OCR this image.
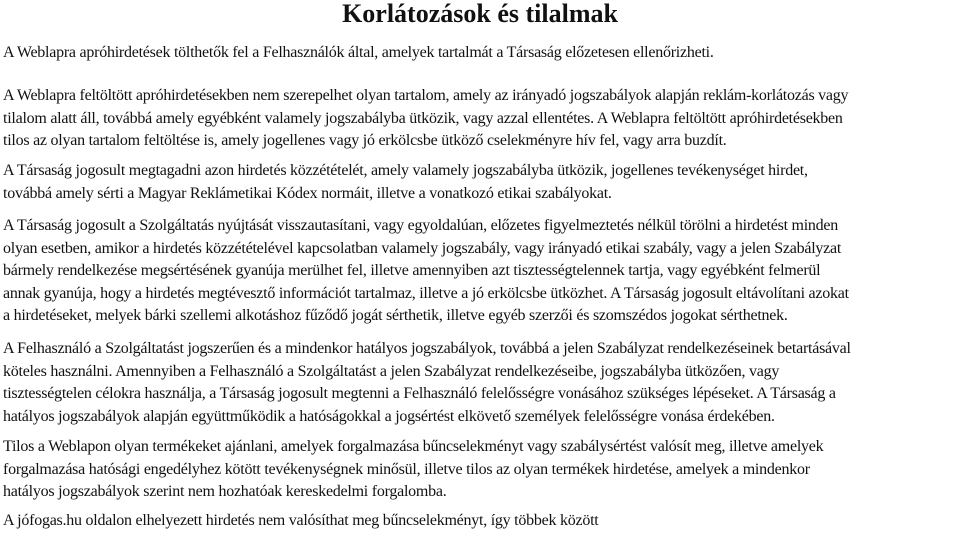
Korlátozások és tilalmak

A Weblapra apróhirdetések tölthetők fel a Felhasználók által, amelyek tartalmát a Társaság előzetesen ellenőrizheti.

A Weblapra feltöltött apróhirdetésekben nem szerepelhet olyan tartalom, amely az irányadó jogszabályok alapján reklám-korlátozás vagy
tilalom alatt áll, továbbá amely egyébként valamely jogszabályba ütközik, vagy azzal ellentétes. A Weblapra feltöltött apróhirdetésekben
tilos az olyan tartalom feltöltése is, amely jogellenes vagy jó erkölcsbe ütköző cselekményre hív fel, vagy arra buzdít.

A Társaság jogosult megtagadni azon hirdetés közzétételét, amely valamely jogszabályba ütközik, jogellenes tevékenységet hirdet,
továbbá amely sérti a Magyar Reklámetikai Kódex normáit, illetve a vonatkozó etikai szabályokat.

A Társaság jogosult a Szolgáltatás nyújtását visszautasítani, vagy egyoldalúan, előzetes figyelmeztetés nélkül törölni a hirdetést minden
olyan esetben, amikor a hirdetés közzétételével kapcsolatban valamely jogszabály, vagy irányadó etikai szabály, vagy a jelen Szabályzat
bármely rendelkezése megsértésének gyanúja merülhet fel, illetve amennyiben azt tisztességtelennek tartja, vagy egyébként felmerül
annak gyanúja, hogy a hirdetés megtévesztő információt tartalmaz, illetve a jó erkölcsbe ütközhet. A Társaság jogosult eltávolítani azokat
a hirdetéseket, melyek bárki szellemi alkotáshoz fűződő jogát sérthetik, illetve egyéb szerzői és szomszédos jogokat sérthetnek.

A Felhasználó a Szolgáltatást jogszerűen és a mindenkor hatályos jogszabályok, továbbá a jelen Szabályzat rendelkezéseinek betartásával
köteles használni. Amennyiben a Felhasználó a Szolgáltatást a jelen Szabályzat rendelkezéseibe, jogszabályba ütközően, vagy
tisztességtelen célokra használja, a Társaság jogosult megtenni a Felhasználó felelősségre vonásához szükséges lépéseket. A Társaság a
hatályos jogszabályok alapján együttműködik a hatóságokkal a jogsértést elkövető személyek felelősségre vonása érdekében.

Tilos a Weblapon olyan termékeket ajánlani, amelyek forgalmazása bűncselekményt vagy szabálysértést valósít meg, illetve amelyek
forgalmazása hatósági engedélyhez kötött tevékenységnek minősül, illetve tilos az olyan termékek hirdetése, amelyek a mindenkor
hatályos jogszabályok szerint nem hozhatóak kereskedelmi forgalomba.

A jófogas.hu oldalon elhelyezett hirdetés nem valósíthat meg bűncselekményt, így többek között
